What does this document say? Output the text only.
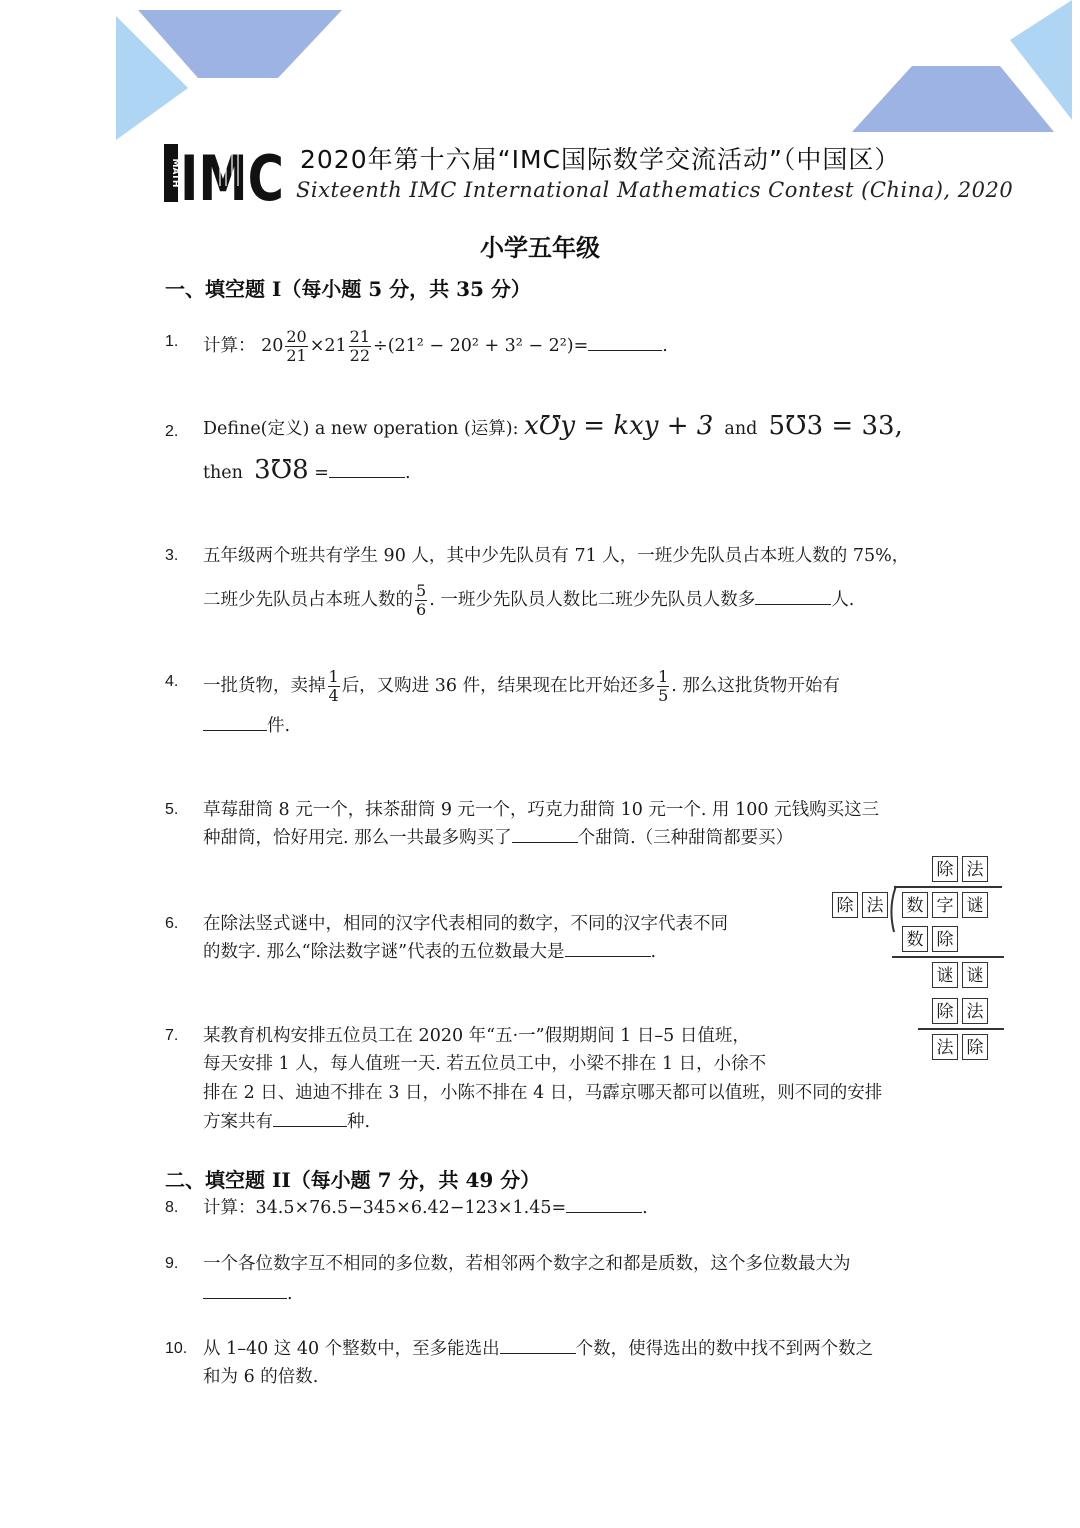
MATH IMC 2020年第十六届“IMC国际数学交流活动”（中国区）
Sixteenth IMC International Mathematics Contest (China), 2020
小学五年级
一、填空题 I（每小题 5 分，共 35 分）
1.	计算： $20 \frac{20}{21} \times 21 \frac{21}{22} \div(21^2 - 20^2 + 3^2 - 2^2)=$	.
2.	Define(定义) a new operation (运算): x℧y = kxy + 3 and 5℧3 = 33,
then 3℧8 =	.
3.	五年级两个班共有学生 90 人，其中少先队员有 71 人，一班少先队员占本班人数的 75%，
二班少先队员占本班人数的 $\frac{5}{6}$ . 一班少先队员人数比二班少先队员人数多	人.
4.	一批货物，卖掉 $\frac{1}{4}$ 后，又购进 36 件，结果现在比开始还多 $\frac{1}{5}$ . 那么这批货物开始有
件.
5.	草莓甜筒 8 元一个，抹茶甜筒 9 元一个，巧克力甜筒 10 元一个. 用 100 元钱购买这三
种甜筒，恰好用完. 那么一共最多购买了	个甜筒.（三种甜筒都要买）
6.	在除法竖式谜中，相同的汉字代表相同的数字，不同的汉字代表不同
的数字. 那么“除法数字谜”代表的五位数最大是	.
除 法
除 法 数 字 谜
数 除
谜 谜
除 法
法 除
7.	某教育机构安排五位员工在 2020 年“五·一”假期期间 1 日–5 日值班，
每天安排 1 人，每人值班一天. 若五位员工中，小梁不排在 1 日，小徐不
排在 2 日、迪迪不排在 3 日，小陈不排在 4 日，马霹京哪天都可以值班，则不同的安排
方案共有	种.
二、填空题 II（每小题 7 分，共 49 分）
8.	计算：34.5×76.5−345×6.42−123×1.45=	.
9.	一个各位数字互不相同的多位数，若相邻两个数字之和都是质数，这个多位数最大为
.
10. 从 1–40 这 40 个整数中，至多能选出	个数，使得选出的数中找不到两个数之
和为 6 的倍数.
